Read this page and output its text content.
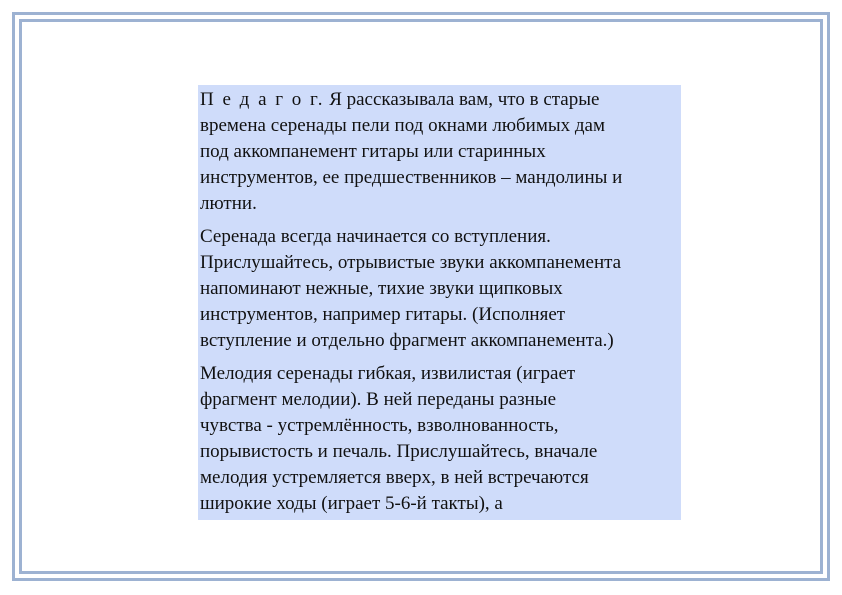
П е д а г о г. Я рассказывала вам, что в старые
времена серенады пели под окнами любимых дам
под аккомпанемент гитары или старинных
инструментов, ее предшественников – мандолины и
лютни.

Серенада всегда начинается со вступления.
Прислушайтесь, отрывистые звуки аккомпанемента
напоминают нежные, тихие звуки щипковых
инструментов, например гитары. (Исполняет
вступление и отдельно фрагмент аккомпанемента.)

Мелодия серенады гибкая, извилистая (играет
фрагмент мелодии). В ней переданы разные
чувства - устремлённость, взволнованность,
порывистость и печаль. Прислушайтесь, вначале
мелодия устремляется вверх, в ней встречаются
широкие ходы (играет 5-6-й такты), а
